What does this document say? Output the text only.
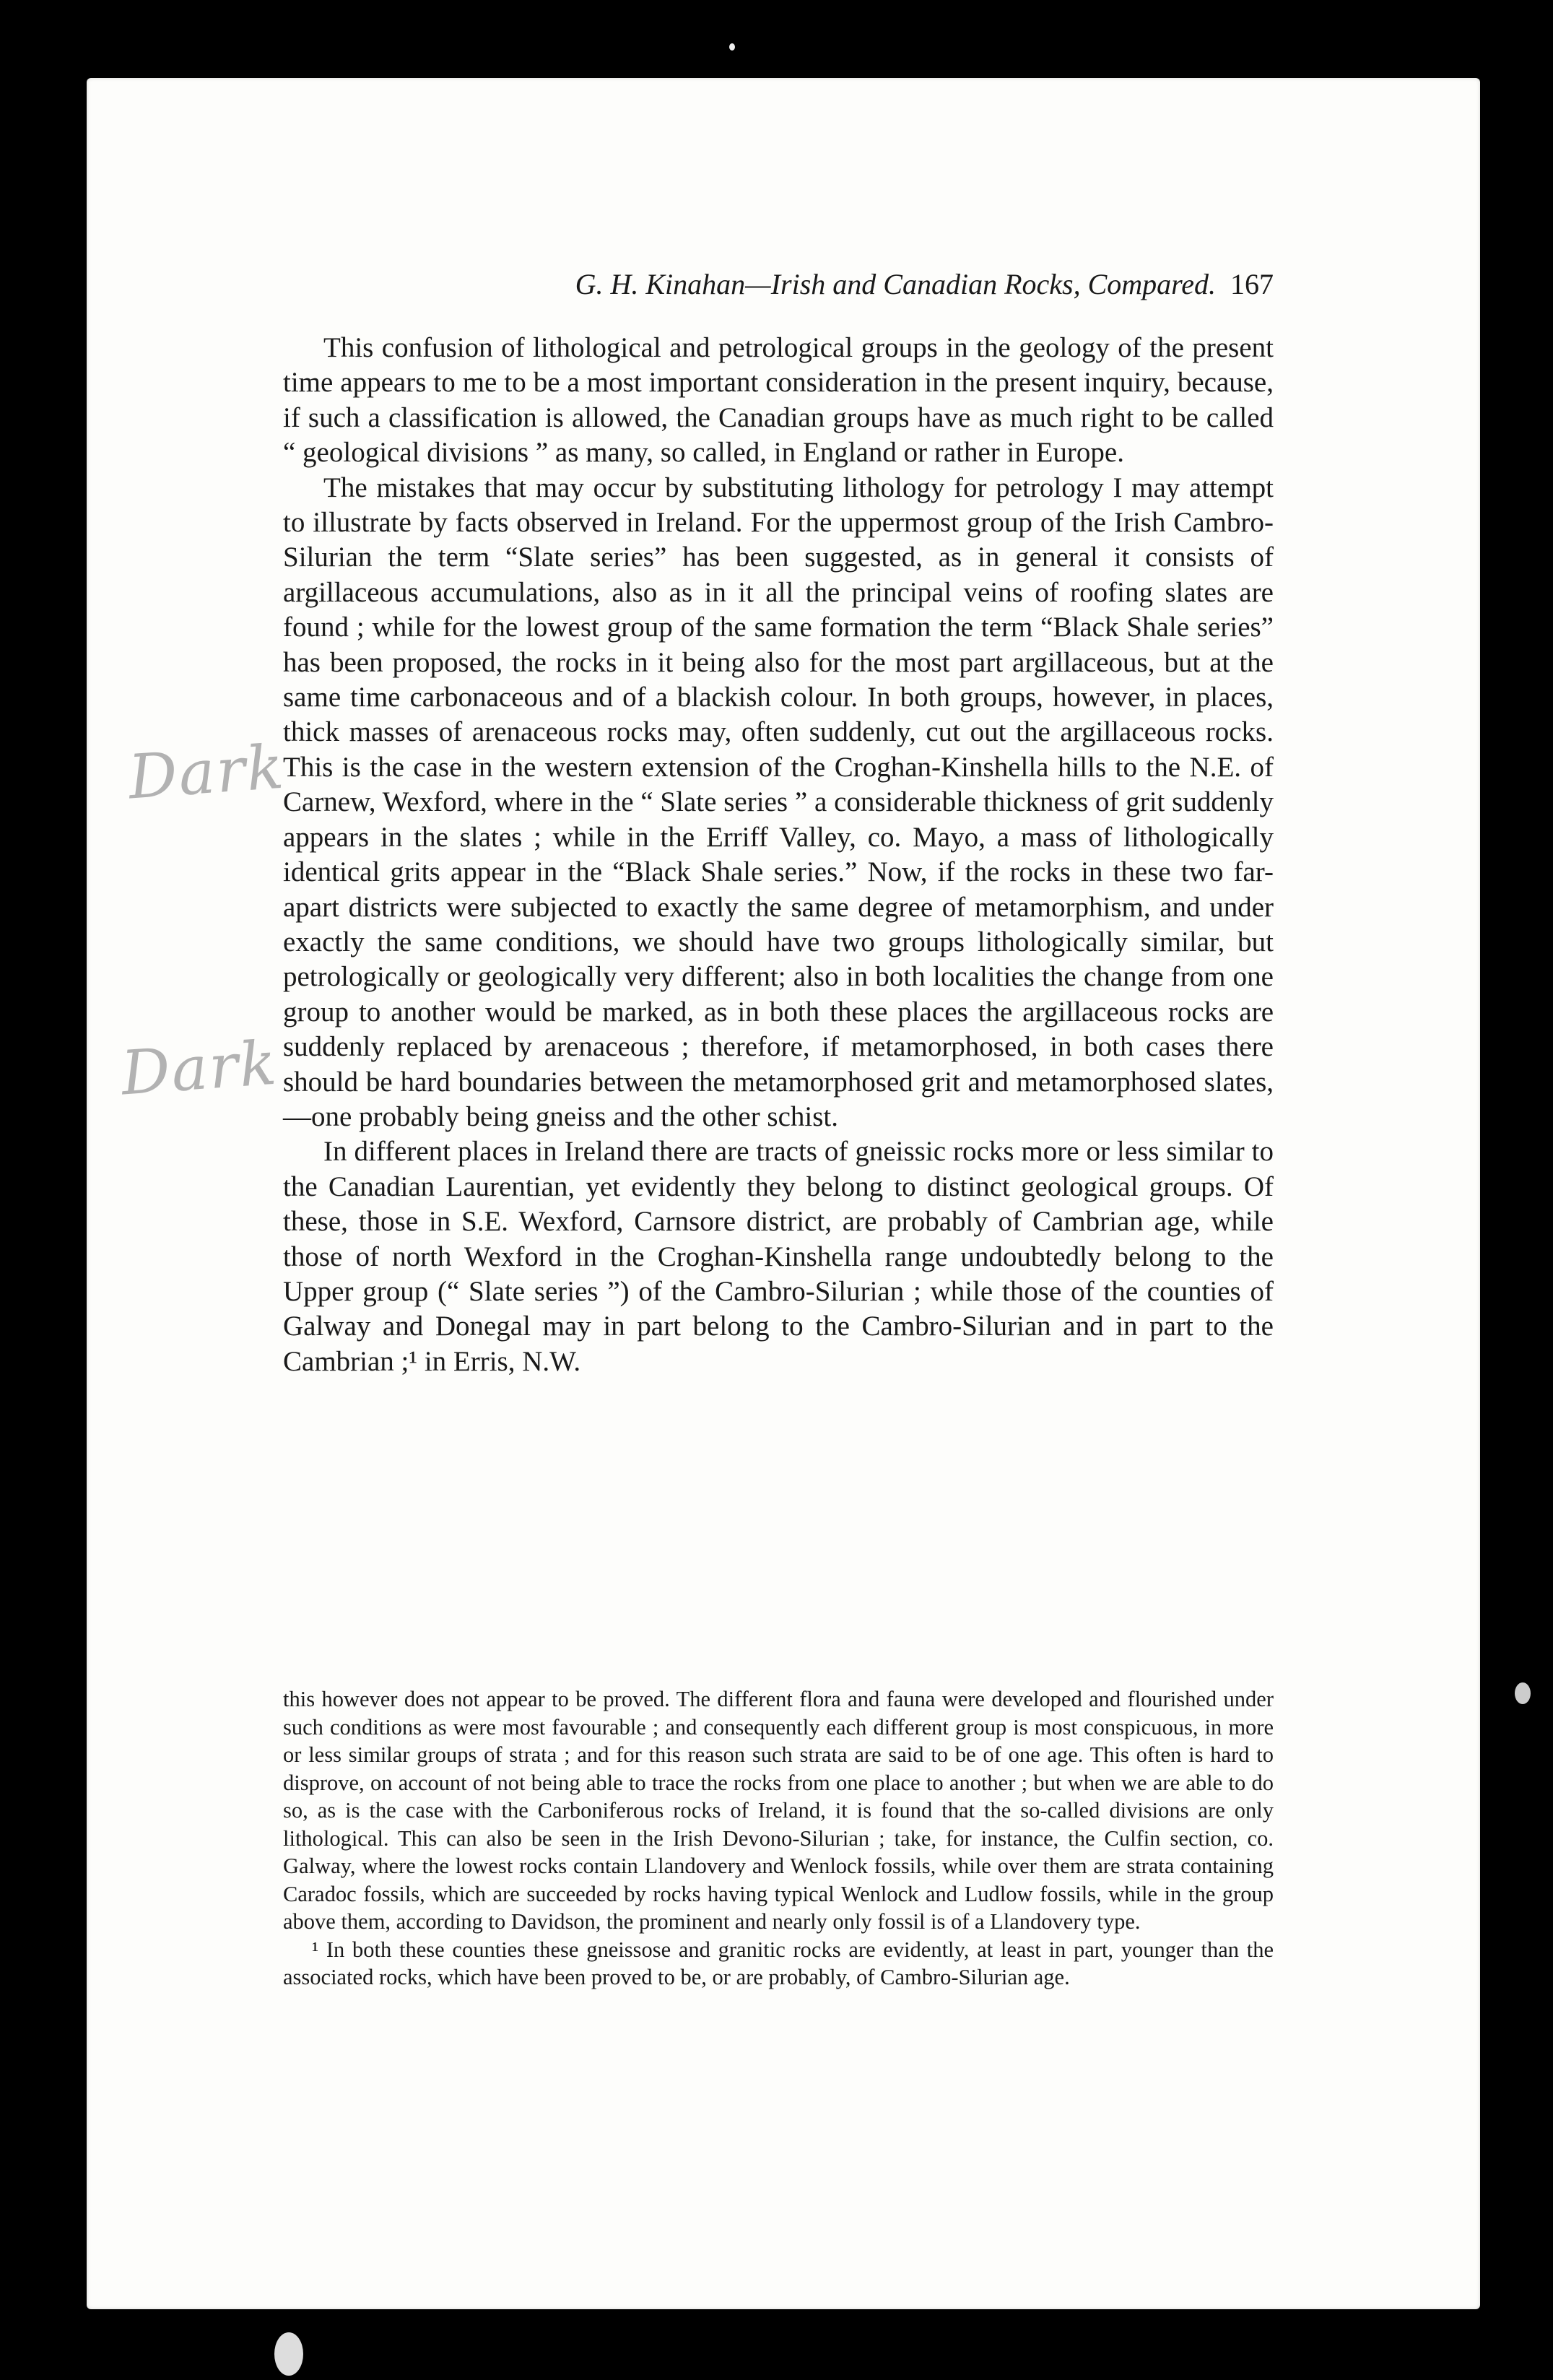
G. H. Kinahan—Irish and Canadian Rocks, Compared. 167

This confusion of lithological and petrological groups in the geology of the present time appears to me to be a most important consideration in the present inquiry, because, if such a classification is allowed, the Canadian groups have as much right to be called “ geological divisions ” as many, so called, in England or rather in Europe.

The mistakes that may occur by substituting lithology for petrology I may attempt to illustrate by facts observed in Ireland. For the uppermost group of the Irish Cambro-Silurian the term “Slate series” has been suggested, as in general it consists of argillaceous accumulations, also as in it all the principal veins of roofing slates are found ; while for the lowest group of the same formation the term “Black Shale series” has been proposed, the rocks in it being also for the most part argillaceous, but at the same time carbonaceous and of a blackish colour. In both groups, however, in places, thick masses of arenaceous rocks may, often suddenly, cut out the argillaceous rocks. This is the case in the western extension of the Croghan-Kinshella hills to the N.E. of Carnew, Wexford, where in the “ Slate series ” a considerable thickness of grit suddenly appears in the slates ; while in the Erriff Valley, co. Mayo, a mass of lithologically identical grits appear in the “Black Shale series.” Now, if the rocks in these two far-apart districts were subjected to exactly the same degree of metamorphism, and under exactly the same conditions, we should have two groups lithologically similar, but petrologically or geologically very different; also in both localities the change from one group to another would be marked, as in both these places the argillaceous rocks are suddenly replaced by arenaceous ; therefore, if metamorphosed, in both cases there should be hard boundaries between the metamorphosed grit and metamorphosed slates,—one probably being gneiss and the other schist.

In different places in Ireland there are tracts of gneissic rocks more or less similar to the Canadian Laurentian, yet evidently they belong to distinct geological groups. Of these, those in S.E. Wexford, Carnsore district, are probably of Cambrian age, while those of north Wexford in the Croghan-Kinshella range undoubtedly belong to the Upper group (“ Slate series ”) of the Cambro-Silurian ; while those of the counties of Galway and Donegal may in part belong to the Cambro-Silurian and in part to the Cambrian ;¹ in Erris, N.W.

Dark
Dark

this however does not appear to be proved. The different flora and fauna were developed and flourished under such conditions as were most favourable ; and consequently each different group is most conspicuous, in more or less similar groups of strata ; and for this reason such strata are said to be of one age. This often is hard to disprove, on account of not being able to trace the rocks from one place to another ; but when we are able to do so, as is the case with the Carboniferous rocks of Ireland, it is found that the so-called divisions are only lithological. This can also be seen in the Irish Devono-Silurian ; take, for instance, the Culfin section, co. Galway, where the lowest rocks contain Llandovery and Wenlock fossils, while over them are strata containing Caradoc fossils, which are succeeded by rocks having typical Wenlock and Ludlow fossils, while in the group above them, according to Davidson, the prominent and nearly only fossil is of a Llandovery type.

¹ In both these counties these gneissose and granitic rocks are evidently, at least in part, younger than the associated rocks, which have been proved to be, or are probably, of Cambro-Silurian age.
